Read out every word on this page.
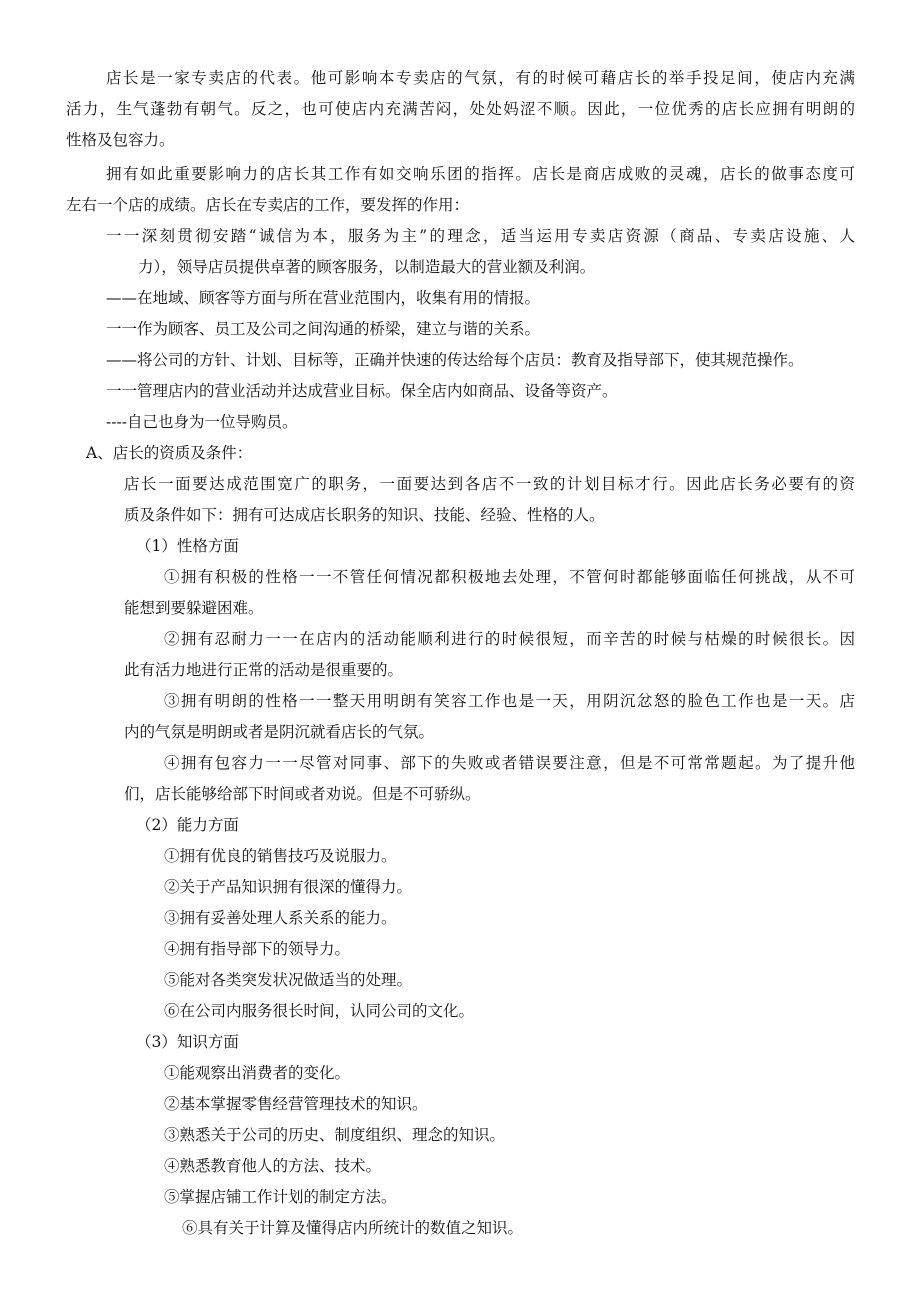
店长是一家专卖店的代表。他可影响本专卖店的气氛，有的时候可藉店长的举手投足间，使店内充满
活力，生气蓬勃有朝气。反之，也可使店内充满苦闷，处处妈涩不顺。因此，一位优秀的店长应拥有明朗的
性格及包容力。
拥有如此重要影响力的店长其工作有如交响乐团的指挥。店长是商店成败的灵魂，店长的做事态度可
左右一个店的成绩。店长在专卖店的工作，要发挥的作用：
一一深刻贯彻安踏“诚信为本，服务为主”的理念，适当运用专卖店资源（商品、专卖店设施、人
力），领导店员提供卓著的顾客服务，以制造最大的营业额及利润。
——在地域、顾客等方面与所在营业范围内，收集有用的情报。
一一作为顾客、员工及公司之间沟通的桥梁，建立与谐的关系。
——将公司的方针、计划、目标等，正确并快速的传达给每个店员：教育及指导部下，使其规范操作。
一一管理店内的营业活动并达成营业目标。保全店内如商品、设备等资产。
----自己也身为一位导购员。
A、店长的资质及条件：
店长一面要达成范围宽广的职务，一面要达到各店不一致的计划目标才行。因此店长务必要有的资
质及条件如下：拥有可达成店长职务的知识、技能、经验、性格的人。
（1）性格方面
①拥有积极的性格一一不管任何情况都积极地去处理，不管何时都能够面临任何挑战，从不可
能想到要躲避困难。
②拥有忍耐力一一在店内的活动能顺利进行的时候很短，而辛苦的时候与枯燥的时候很长。因
此有活力地进行正常的活动是很重要的。
③拥有明朗的性格一一整天用明朗有笑容工作也是一天，用阴沉忿怒的脸色工作也是一天。店
内的气氛是明朗或者是阴沉就看店长的气氛。
④拥有包容力一一尽管对同事、部下的失败或者错误要注意，但是不可常常题起。为了提升他
们，店长能够给部下时间或者劝说。但是不可骄纵。
（2）能力方面
①拥有优良的销售技巧及说服力。
②关于产品知识拥有很深的懂得力。
③拥有妥善处理人系关系的能力。
④拥有指导部下的领导力。
⑤能对各类突发状况做适当的处理。
⑥在公司内服务很长时间，认同公司的文化。
（3）知识方面
①能观察出消费者的变化。
②基本掌握零售经营管理技术的知识。
③熟悉关于公司的历史、制度组织、理念的知识。
④熟悉教育他人的方法、技术。
⑤掌握店铺工作计划的制定方法。
⑥具有关于计算及懂得店内所统计的数值之知识。
